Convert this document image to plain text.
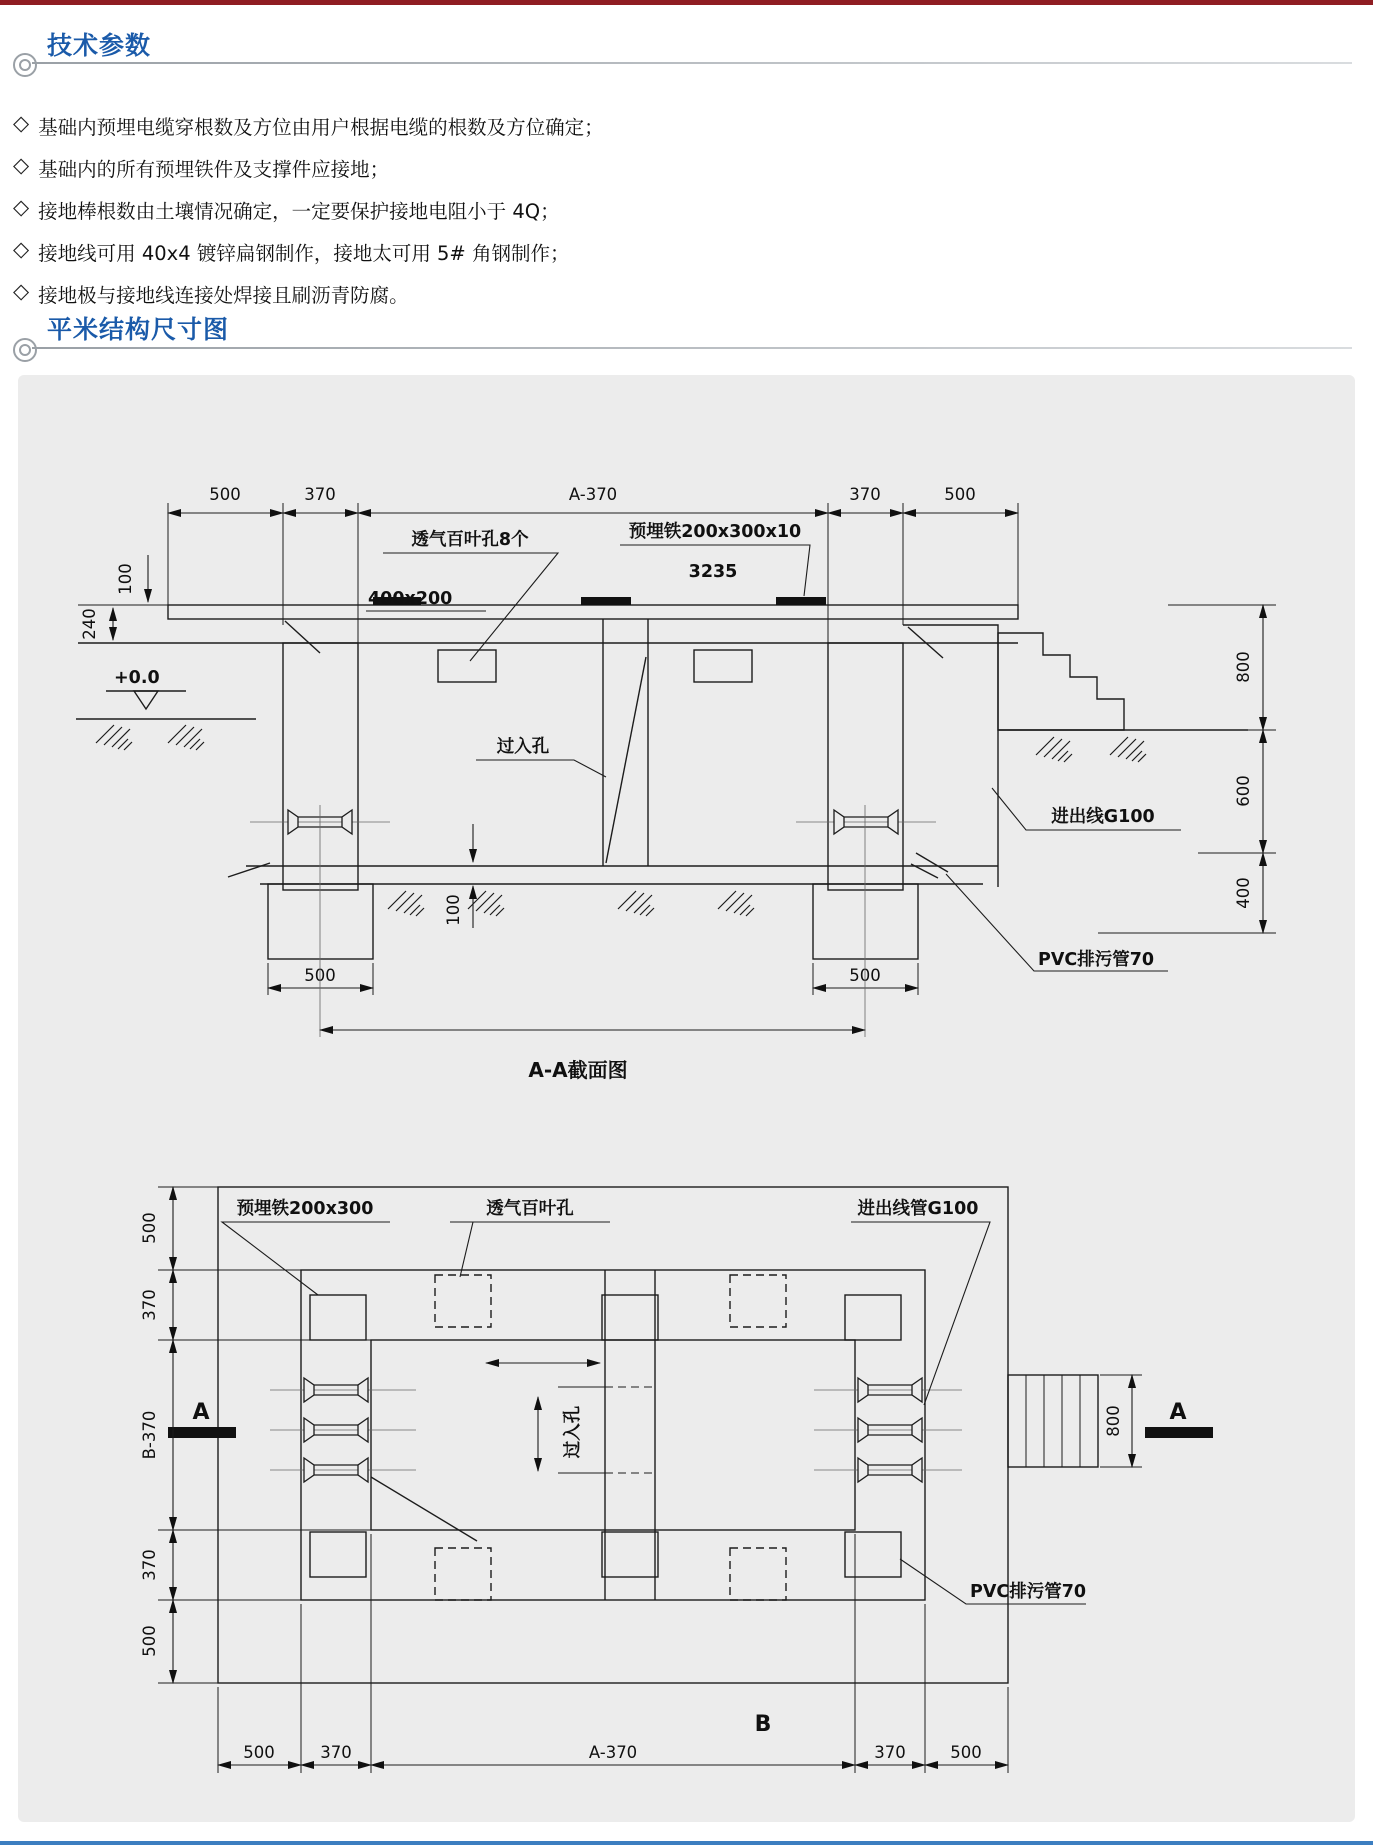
技术参数
◇ 基础内预埋电缆穿根数及方位由用户根据电缆的根数及方位确定；
◇ 基础内的所有预埋铁件及支撑件应接地；
◇ 接地棒根数由土壤情况确定，一定要保护接地电阻小于 4Q；
◇ 接地线可用 40x4 镀锌扁钢制作，接地太可用 5# 角钢制作；
◇ 接地极与接地线连接处焊接且刷沥青防腐。
平米结构尺寸图
500	370	A-370	370	500
+0.0
100
240
800
600
400
100
500	500
透气百叶孔8个
400x200
预埋铁200x300x10
3235
过入孔
进出线G100
PVC排污管70
A-A截面图
过入孔	800 A
A
500
370
B-370
370
500
500	370	A-370	370	500
预埋铁200x300	透气百叶孔	进出线管G100
PVC排污管70
B
